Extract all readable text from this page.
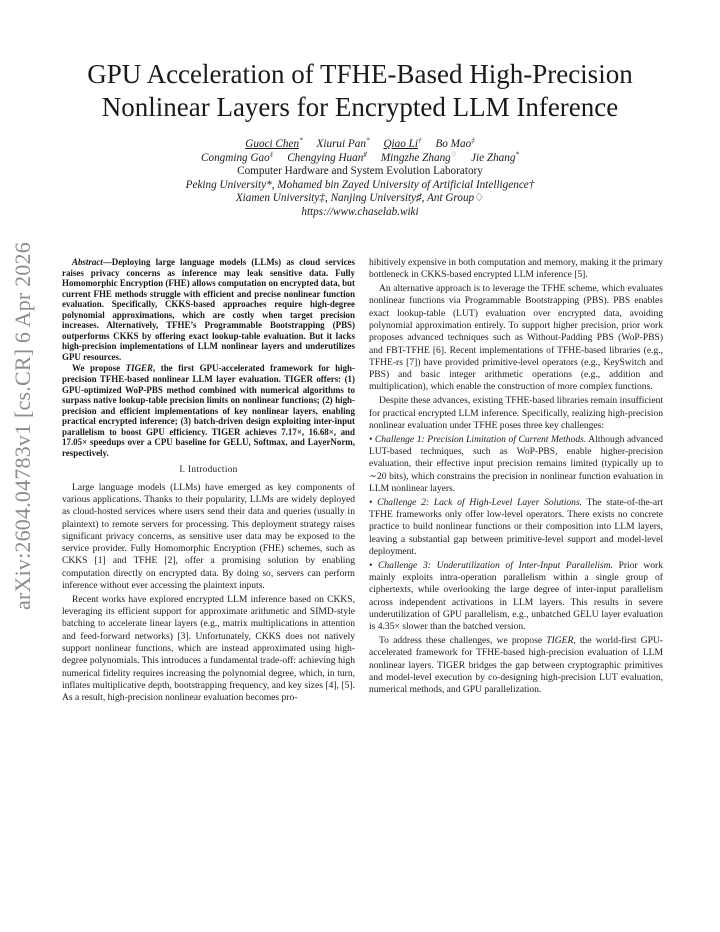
arXiv:2604.04783v1 [cs.CR] 6 Apr 2026
GPU Acceleration of TFHE-Based High-Precision
Nonlinear Layers for Encrypted LLM Inference
Guoci Chen* Xiurui Pan* Qiao Li† Bo Mao‡
Congming Gao‡ Chengying Huan♯ Mingzhe Zhang♢ Jie Zhang*
Computer Hardware and System Evolution Laboratory
Peking University*, Mohamed bin Zayed University of Artificial Intelligence†
Xiamen University‡, Nanjing University♯, Ant Group♢
https://www.chaselab.wiki

Abstract—Deploying large language models (LLMs) as cloud services raises privacy concerns as inference may leak sensitive data. Fully Homomorphic Encryption (FHE) allows computation on encrypted data, but current FHE methods struggle with efficient and precise nonlinear function evaluation. Specifically, CKKS-based approaches require high-degree polynomial approximations, which are costly when target precision increases. Alternatively, TFHE’s Programmable Bootstrapping (PBS) outperforms CKKS by offering exact lookup-table evaluation. But it lacks high-precision implementations of LLM nonlinear layers and underutilizes GPU resources.

We propose TIGER, the first GPU-accelerated framework for high-precision TFHE-based nonlinear LLM layer evaluation. TIGER offers: (1) GPU-optimized WoP-PBS method combined with numerical algorithms to surpass native lookup-table precision limits on nonlinear functions; (2) high-precision and efficient implementations of key nonlinear layers, enabling practical encrypted inference; (3) batch-driven design exploiting inter-input parallelism to boost GPU efficiency. TIGER achieves 7.17×, 16.68×, and 17.05× speedups over a CPU baseline for GELU, Softmax, and LayerNorm, respectively.

I. Introduction

Large language models (LLMs) have emerged as key components of various applications. Thanks to their popularity, LLMs are widely deployed as cloud-hosted services where users send their data and queries (usually in plaintext) to remote servers for processing. This deployment strategy raises significant privacy concerns, as sensitive user data may be exposed to the service provider. Fully Homomorphic Encryption (FHE) schemes, such as CKKS [1] and TFHE [2], offer a promising solution by enabling computation directly on encrypted data. By doing so, servers can perform inference without ever accessing the plaintext inputs.

Recent works have explored encrypted LLM inference based on CKKS, leveraging its efficient support for approximate arithmetic and SIMD-style batching to accelerate linear layers (e.g., matrix multiplications in attention and feed-forward networks) [3]. Unfortunately, CKKS does not natively support nonlinear functions, which are instead approximated using high-degree polynomials. This introduces a fundamental trade-off: achieving high numerical fidelity requires increasing the polynomial degree, which, in turn, inflates multiplicative depth, bootstrapping frequency, and key sizes [4], [5]. As a result, high-precision nonlinear evaluation becomes pro-

hibitively expensive in both computation and memory, making it the primary bottleneck in CKKS-based encrypted LLM inference [5].

An alternative approach is to leverage the TFHE scheme, which evaluates nonlinear functions via Programmable Bootstrapping (PBS). PBS enables exact lookup-table (LUT) evaluation over encrypted data, avoiding polynomial approximation entirely. To support higher precision, prior work proposes advanced techniques such as Without-Padding PBS (WoP-PBS) and FBT-TFHE [6]. Recent implementations of TFHE-based libraries (e.g., TFHE-rs [7]) have provided primitive-level operators (e.g., KeySwitch and PBS) and basic integer arithmetic operations (e.g., addition and multiplication), which enable the construction of more complex functions.

Despite these advances, existing TFHE-based libraries remain insufficient for practical encrypted LLM inference. Specifically, realizing high-precision nonlinear evaluation under TFHE poses three key challenges:

• Challenge 1: Precision Limitation of Current Methods. Although advanced LUT-based techniques, such as WoP-PBS, enable higher-precision evaluation, their effective input precision remains limited (typically up to ∼20 bits), which constrains the precision in nonlinear function evaluation in LLM nonlinear layers.

• Challenge 2: Lack of High-Level Layer Solutions. The state-of-the-art TFHE frameworks only offer low-level operators. There exists no concrete practice to build nonlinear functions or their composition into LLM layers, leaving a substantial gap between primitive-level support and model-level deployment.

• Challenge 3: Underutilization of Inter-Input Parallelism. Prior work mainly exploits intra-operation parallelism within a single group of ciphertexts, while overlooking the large degree of inter-input parallelism across independent activations in LLM layers. This results in severe underutilization of GPU parallelism, e.g., unbatched GELU layer evaluation is 4.35× slower than the batched version.

To address these challenges, we propose TIGER, the world-first GPU-accelerated framework for TFHE-based high-precision evaluation of LLM nonlinear layers. TIGER bridges the gap between cryptographic primitives and model-level execution by co-designing high-precision LUT evaluation, numerical methods, and GPU parallelization.
